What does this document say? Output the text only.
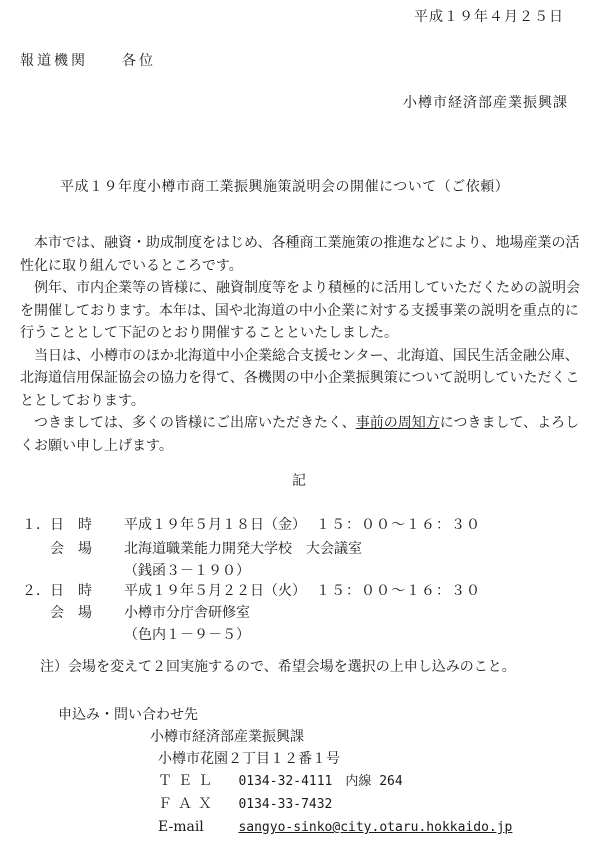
平成１９年４月２５日
報道機関　　各位
小樽市経済部産業振興課
平成１９年度小樽市商工業振興施策説明会の開催について（ご依頼）

本市では、融資・助成制度をはじめ、各種商工業施策の推進などにより、地場産業の活性化に取り組んでいるところです。

例年、市内企業等の皆様に、融資制度等をより積極的に活用していただくための説明会を開催しております。本年は、国や北海道の中小企業に対する支援事業の説明を重点的に行うこととして下記のとおり開催することといたしました。

当日は、小樽市のほか北海道中小企業総合支援センター、北海道、国民生活金融公庫、北海道信用保証協会の協力を得て、各機関の中小企業振興策について説明していただくこととしております。

つきましては、多くの皆様にご出席いただきたく、事前の周知方につきまして、よろしくお願い申し上げます。

記
１． 日　時 平成１９年５月１８日（金） １５：００～１６：３０
会　場 北海道職業能力開発大学校　大会議室
（銭函３－１９０）
２． 日　時 平成１９年５月２２日（火） １５：００～１６：３０
会　場 小樽市分庁舎研修室
（色内１－９－５）
注）会場を変えて２回実施するので、希望会場を選択の上申し込みのこと。
申込み・問い合わせ先
小樽市経済部産業振興課
小樽市花園２丁目１２番１号
ＴＥＬ 0134-32-4111　内線 264
ＦＡＸ 0134-33-7432
E-mail	sangyo-sinko@city.otaru.hokkaido.jp
